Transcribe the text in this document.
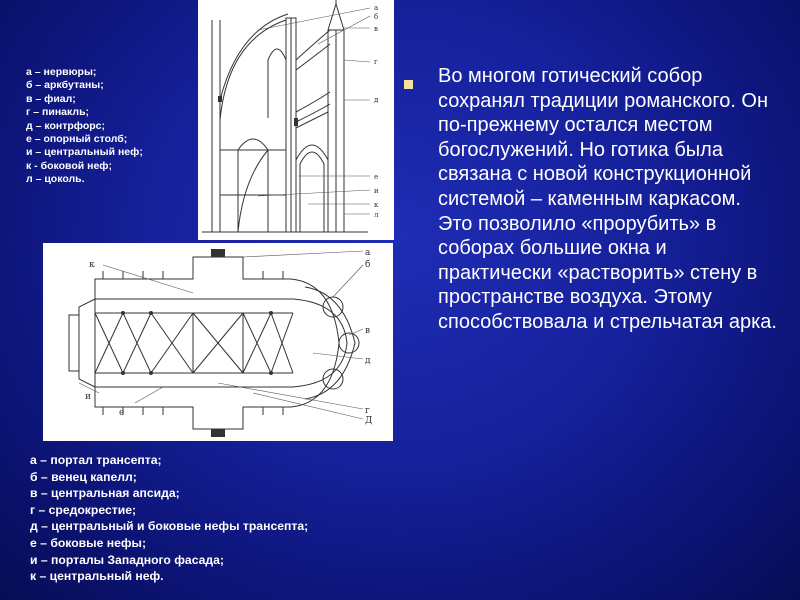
а – нервюры;
б – аркбутаны;
в – фиал;
г – пинакль;
д – контрфорс;
е – опорный столб;
и – центральный неф;
к - боковой неф;
л – цоколь.
а
б
в
г
д
е
и
к
л
а
б
в
д
г
Д
к
и
е
а – портал трансепта;
б – венец капелл;
в – центральная апсида;
г – средокрестие;
д – центральный и боковые нефы трансепта;
е – боковые нефы;
и – порталы Западного фасада;
к – центральный неф.
Во многом готический собор сохранял традиции романского. Он по-прежнему остался местом богослужений. Но готика была связана с новой конструкционной системой – каменным каркасом. Это позволило «прорубить» в соборах большие окна и практически «растворить» стену в пространстве воздуха. Этому способствовала и стрельчатая арка.
